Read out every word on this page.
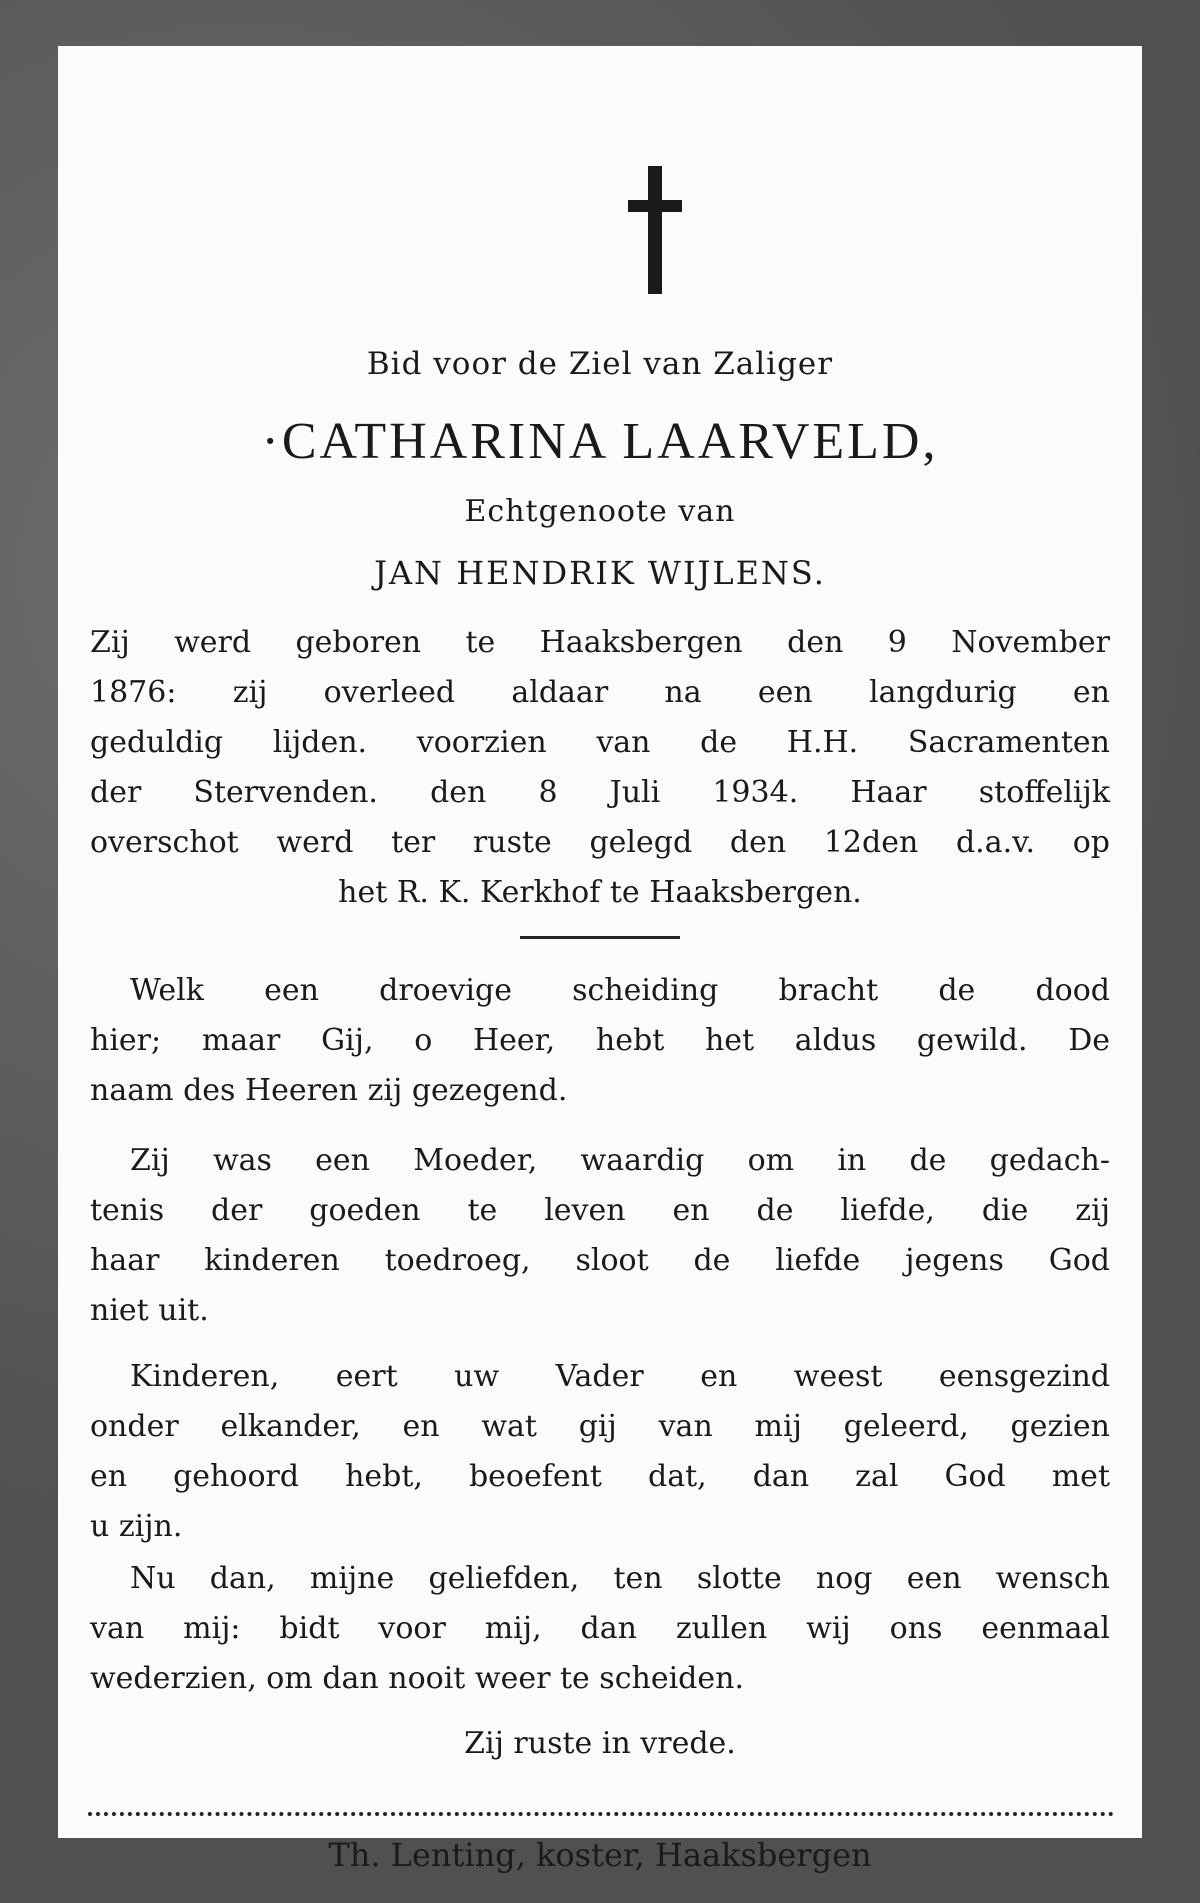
Bid voor de Ziel van Zaliger
·CATHARINA LAARVELD,
Echtgenoote van
JAN HENDRIK WIJLENS.
Zij werd geboren te Haaksbergen den 9 November
1876: zij overleed aldaar na een langdurig en
geduldig lijden. voorzien van de H.H. Sacramenten
der Stervenden. den 8 Juli 1934. Haar stoffelijk
overschot werd ter ruste gelegd den 12den d.a.v. op
het R. K. Kerkhof te Haaksbergen.
Welk een droevige scheiding bracht de dood
hier; maar Gij, o Heer, hebt het aldus gewild. De
naam des Heeren zij gezegend.
Zij was een Moeder, waardig om in de gedach-
tenis der goeden te leven en de liefde, die zij
haar kinderen toedroeg, sloot de liefde jegens God
niet uit.
Kinderen, eert uw Vader en weest eensgezind
onder elkander, en wat gij van mij geleerd, gezien
en gehoord hebt, beoefent dat, dan zal God met
u zijn.
Nu dan, mijne geliefden, ten slotte nog een wensch
van mij: bidt voor mij, dan zullen wij ons eenmaal
wederzien, om dan nooit weer te scheiden.
Zij ruste in vrede.
Th. Lenting, koster, Haaksbergen
